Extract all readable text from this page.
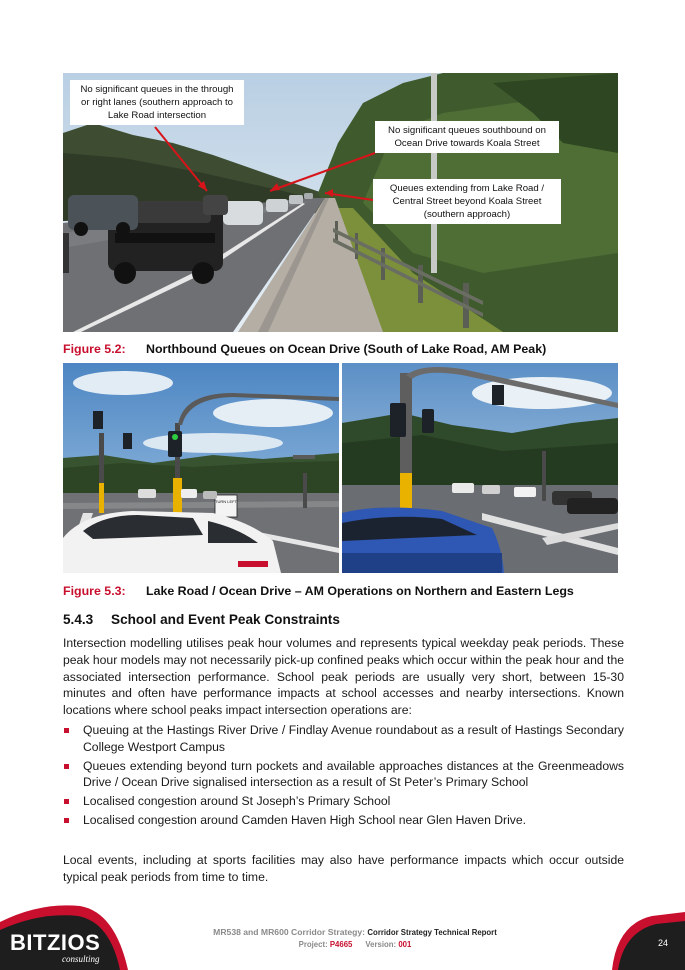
No significant queues in the through or right lanes (southern approach to Lake Road intersection
No significant queues southbound on Ocean Drive towards Koala Street
Queues extending from Lake Road / Central Street beyond Koala Street (southern approach)
Figure 5.2: Northbound Queues on Ocean Drive (South of Lake Road, AM Peak)
TURN LEFT
Figure 5.3: Lake Road / Ocean Drive – AM Operations on Northern and Eastern Legs
5.4.3 School and Event Peak Constraints

Intersection modelling utilises peak hour volumes and represents typical weekday peak periods. These peak hour models may not necessarily pick-up confined peaks which occur within the peak hour and the associated intersection performance. School peak periods are usually very short, between 15-30 minutes and often have performance impacts at school accesses and nearby intersections. Known locations where school peaks impact intersection operations are:

Queuing at the Hastings River Drive / Findlay Avenue roundabout as a result of Hastings Secondary College Westport Campus
Queues extending beyond turn pockets and available approaches distances at the Greenmeadows Drive / Ocean Drive signalised intersection as a result of St Peter’s Primary School
Localised congestion around St Joseph’s Primary School
Localised congestion around Camden Haven High School near Glen Haven Drive.

Local events, including at sports facilities may also have performance impacts which occur outside typical peak periods from time to time.

BITZIOS
consulting
MR538 and MR600 Corridor Strategy: Corridor Strategy Technical Report
Project: P4665 Version: 001	24
